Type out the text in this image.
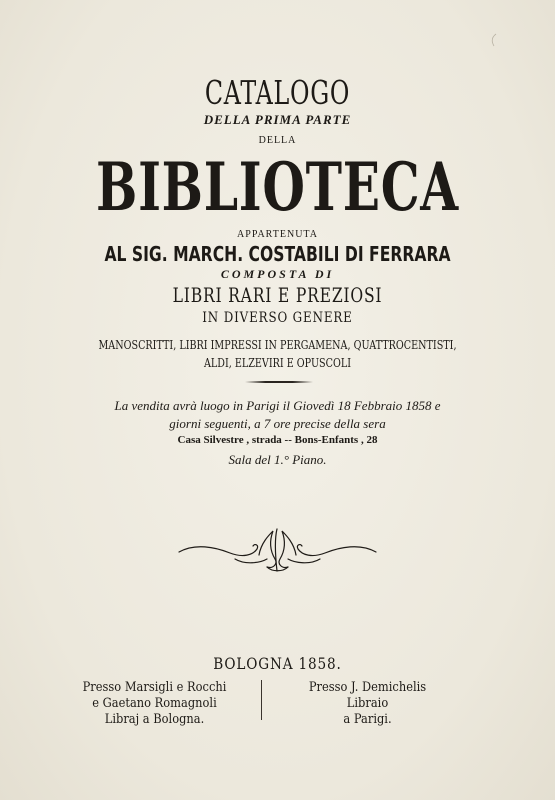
CATALOGO
DELLA PRIMA PARTE
DELLA
BIBLIOTECA
APPARTENUTA
AL SIG. MARCH. COSTABILI DI FERRARA
COMPOSTA DI
LIBRI RARI E PREZIOSI
IN DIVERSO GENERE
MANOSCRITTI, LIBRI IMPRESSI IN PERGAMENA, QUATTROCENTISTI,
ALDI, ELZEVIRI E OPUSCOLI
La vendita avrà luogo in Parigi il Giovedì 18 Febbraio 1858 e
giorni seguenti, a 7 ore precise della sera
Casa Silvestre , strada -- Bons-Enfants , 28
Sala del 1.° Piano.
BOLOGNA 1858.
Presso Marsigli e Rocchi
e Gaetano Romagnoli
Libraj a Bologna.
Presso J. Demichelis
Libraio
a Parigi.
